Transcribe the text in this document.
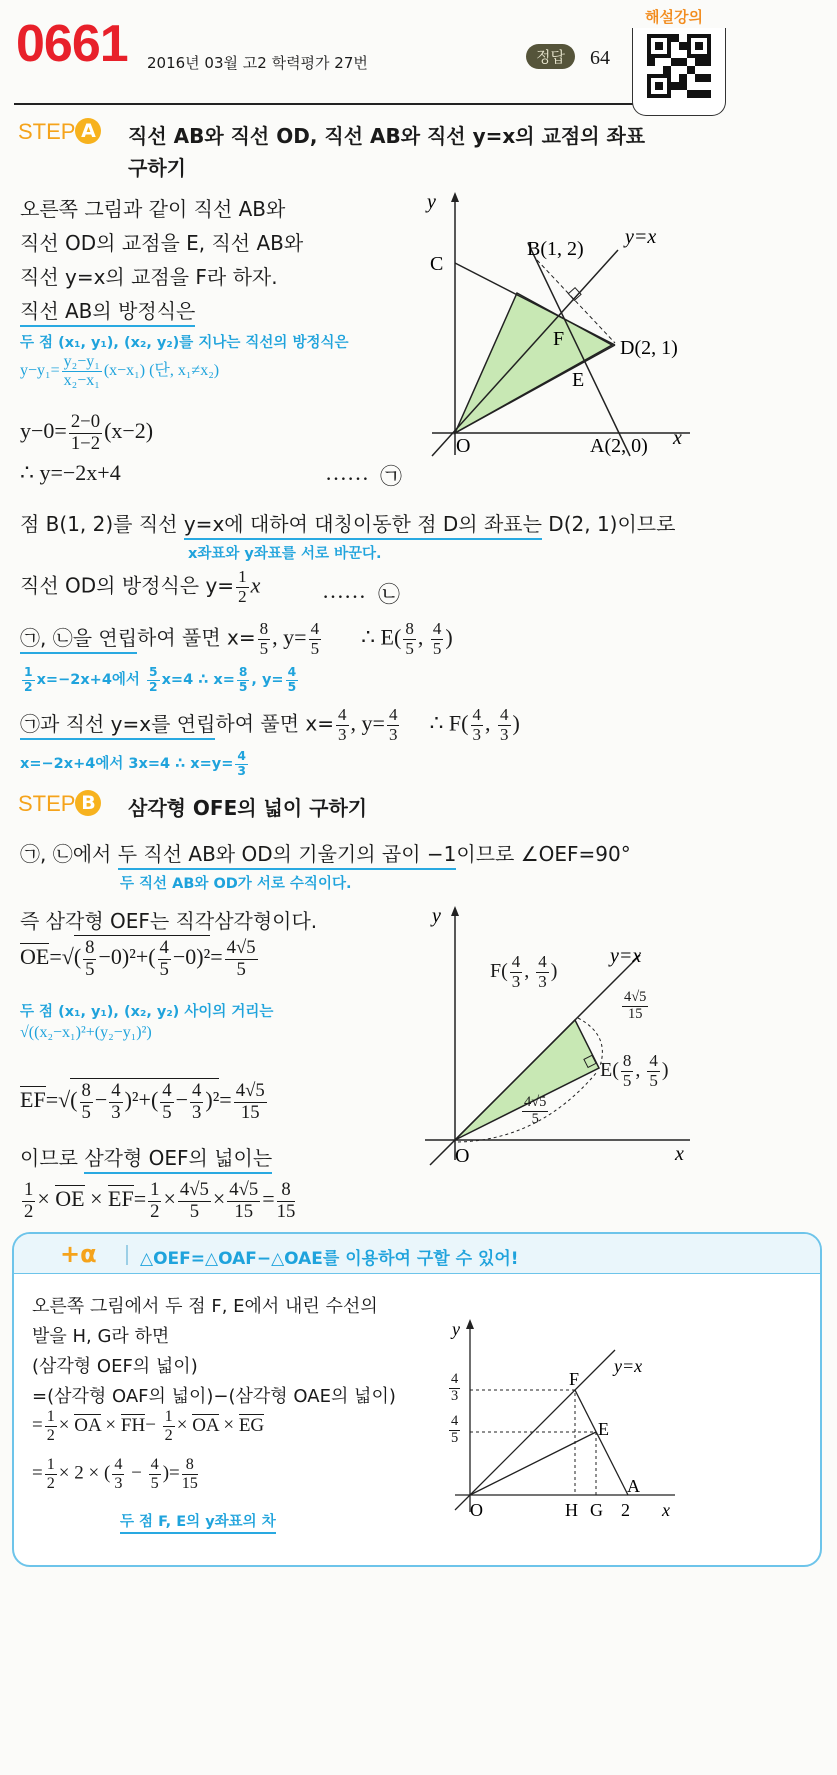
0661 2016년 03월 고2 학력평가 27번	정답	64
해설강의
STEP A 직선 AB와 직선 OD, 직선 AB와 직선 y=x의 교점의 좌표
구하기
오른쪽 그림과 같이 직선 AB와
직선 OD의 교점을 E, 직선 AB와
직선 y=x의 교점을 F라 하자.
직선 AB의 방정식은
두 점 (x₁, y₁), (x₂, y₂)를 지나는 직선의 방정식은
$y-y_1= \frac{\text{y₂−y₁}}{\text{x₂−x₁}} (x-x_1)$ (단, x₁≠x₂)
$y-0= \frac{2-0}{1-2} (x-2)$
∴ y=−2x+4	…… ㉠
y
x
O	A(2, 0)
B(1, 2)
C
D(2, 1)
E
F
y=x
점 B(1, 2)를 직선 y=x에 대하여 대칭이동한 점 D의 좌표는 D(2, 1)이므로
x좌표와 y좌표를 서로 바꾼다.
직선 OD의 방정식은 $y= \frac{1}{2}$ x	…… ㉡
㉠, ㉡을 연립하여 풀면 $x= \frac{8}{5}$ , $y= \frac{4}{5}$ ∴ $E( \frac{8}{5}$ , $\frac{4}{5}$ )
$\frac{1}{2} x=-2x+4$에서 $\frac{5}{2} x=4$ ∴ $x= \frac{8}{5}$ , $y= \frac{4}{5}$
㉠과 직선 y=x를 연립하여 풀면 $x= \frac{4}{3}$ , $y= \frac{4}{3}$ ∴ $F( \frac{4}{3}$ , $\frac{4}{3}$ )
x=−2x+4에서 3x=4 ∴ $x=y= \frac{4}{3}$
STEP B 삼각형 OFE의 넓이 구하기
㉠, ㉡에서 두 직선 AB와 OD의 기울기의 곱이 −1이므로 ∠OEF=90°
두 직선 AB와 OD가 서로 수직이다.
즉 삼각형 OEF는 직각삼각형이다.
$OE=√( \frac{8}{5} -0)^2+( \frac{4}{5} -0)^2= \frac{4√5}{5}$
두 점 (x₁, y₁), (x₂, y₂) 사이의 거리는
√((x₂−x₁)²+(y₂−y₁)²)
$EF=√( \frac{8}{5} - \frac{4}{3} )^2+( \frac{4}{5} - \frac{4}{3} )^2= \frac{4√5}{15}$
이므로 삼각형 OEF의 넓이는
$\frac{1}{2}$ × OE × $EF= \frac{1}{2} \times \frac{4√5}{5} \times \frac{4√5}{15} = \frac{8}{15}$
y
x
O
y=x
$F( \frac{4}{3}$ , $\frac{4}{3}$ )
$E( \frac{8}{5}$ , $\frac{4}{5}$ )
$\frac{4√5}{15}$
$\frac{4√5}{5}$
+α	△OEF=△OAF−△OAE를 이용하여 구할 수 있어!
오른쪽 그림에서 두 점 F, E에서 내린 수선의
발을 H, G라 하면
(삼각형 OEF의 넓이)
=(삼각형 OAF의 넓이)−(삼각형 OAE의 넓이)
= $\frac{1}{2}$ × OA × $FH- \frac{1}{2}$ × OA × EG
= $\frac{1}{2} \times 2$ × ( $\frac{4}{3} - \frac{4}{5}$ )= $\frac{8}{15}$
두 점 F, E의 y좌표의 차
y
x
O
y=x
F
E
A
H G 2
$\frac{4}{3}$
$\frac{4}{5}$
